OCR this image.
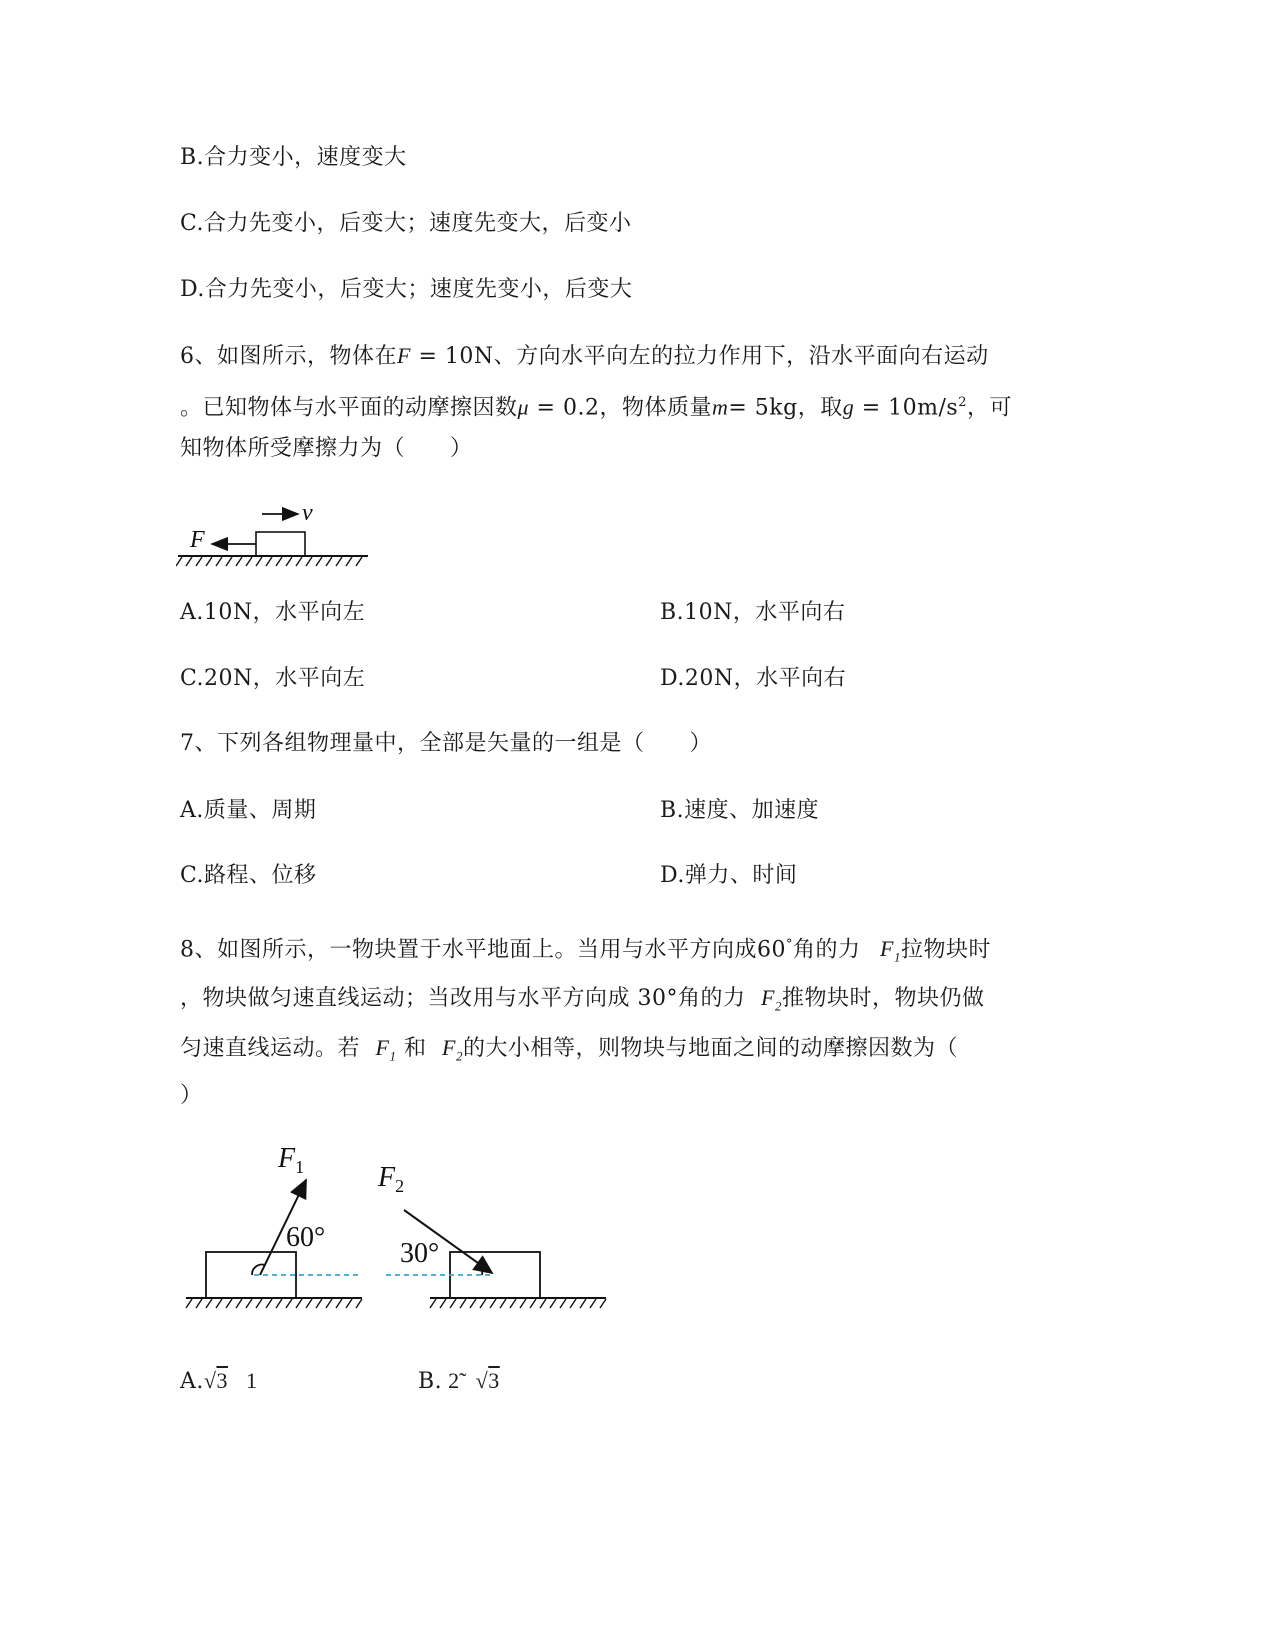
B.合力变小，速度变大
C.合力先变小，后变大；速度先变大，后变小
D.合力先变小，后变大；速度先变小，后变大
6、如图所示，物体在F = 10N、方向水平向左的拉力作用下，沿水平面向右运动
。已知物体与水平面的动摩擦因数μ = 0.2，物体质量m= 5kg，取$g = 10m/s^2$，可
知物体所受摩擦力为（　　）
F
v
A.10N，水平向左	B.10N，水平向右
C.20N，水平向左	D.20N，水平向右
7、下列各组物理量中，全部是矢量的一组是（　　）
A.质量、周期	B.速度、加速度
C.路程、位移	D.弹力、时间
8、如图所示，一物块置于水平地面上。当用与水平方向成60°角的力 $F_1$拉物块时
，物块做匀速直线运动；当改用与水平方向成 30°角的力 $F_2$推物块时，物块仍做
匀速直线运动。若 $F_1$ 和 $F_2$的大小相等，则物块与地面之间的动摩擦因数为（
）
$F_1$
60°
$F_2$
30°
A.√3 1	B. 2̃ √3
